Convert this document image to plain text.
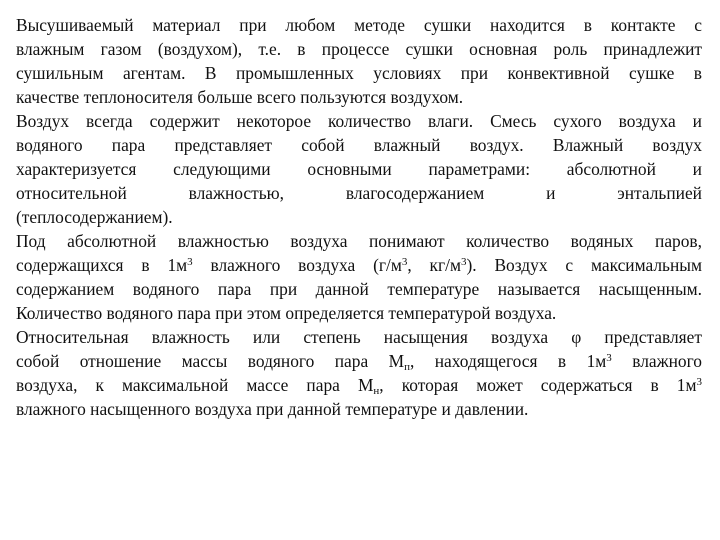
Высушиваемый материал при любом методе сушки находится в контакте с
влажным газом (воздухом), т.е. в процессе сушки основная роль принадлежит
сушильным агентам. В промышленных условиях при конвективной сушке в
качестве теплоносителя больше всего пользуются воздухом.
Воздух всегда содержит некоторое количество влаги. Смесь сухого воздуха и
водяного пара представляет собой влажный воздух. Влажный воздух
характеризуется следующими основными параметрами: абсолютной и
относительной влажностью, влагосодержанием и энтальпией
(теплосодержанием).
Под абсолютной влажностью воздуха понимают количество водяных паров,
содержащихся в $1м^3$ влажного воздуха ($г/м^3$, $кг/м^3$). Воздух с максимальным
содержанием водяного пара при данной температуре называется насыщенным.
Количество водяного пара при этом определяется температурой воздуха.
Относительная влажность или степень насыщения воздуха φ представляет
собой отношение массы водяного пара $М_п$, находящегося в $1м^3$ влажного
воздуха, к максимальной массе пара $М_н$, которая может содержаться в $1м^3$
влажного насыщенного воздуха при данной температуре и давлении.
